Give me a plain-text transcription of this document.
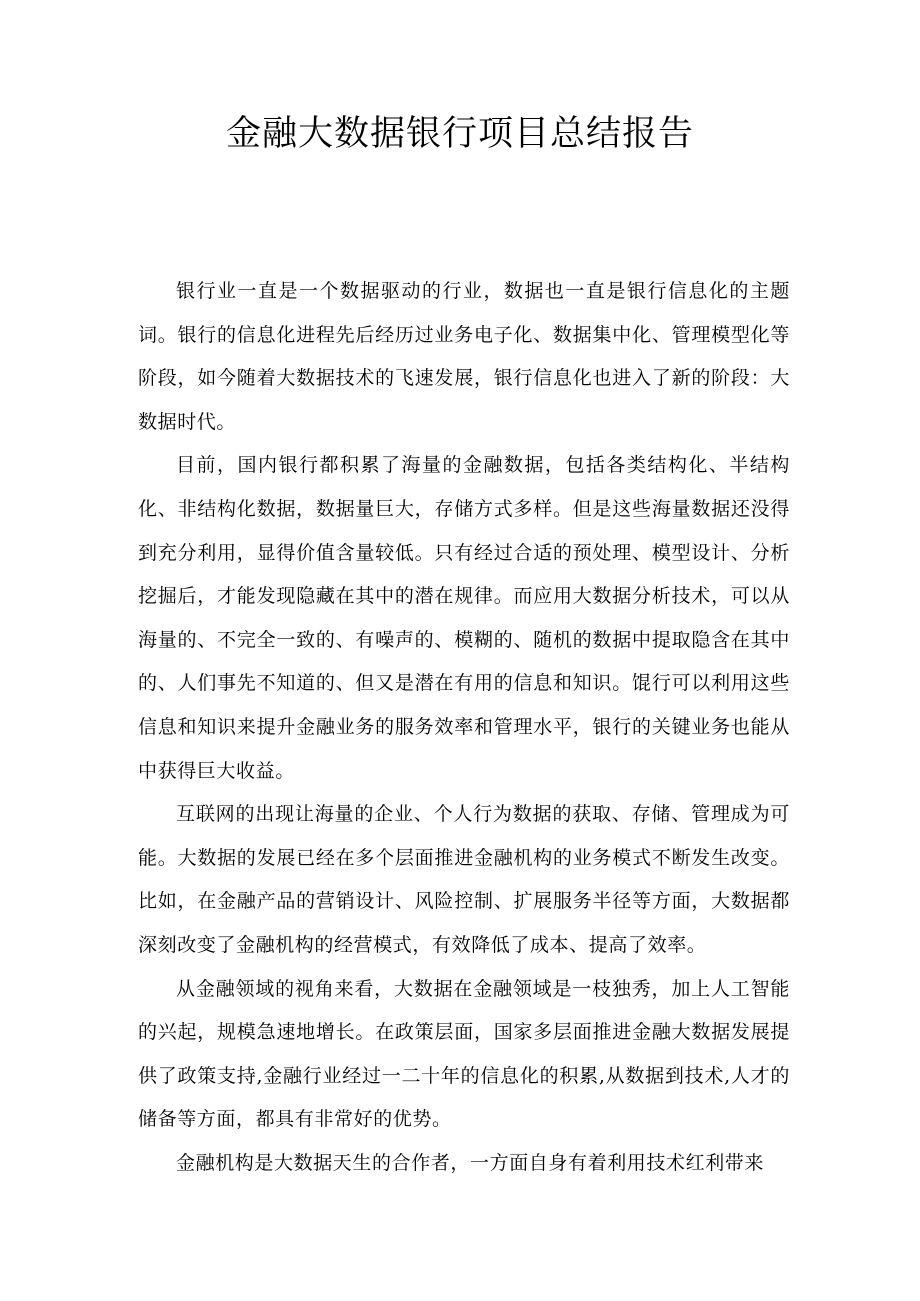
金融大数据银行项目总结报告

银行业一直是一个数据驱动的行业，数据也一直是银行信息化的主题词。银行的信息化进程先后经历过业务电子化、数据集中化、管理模型化等阶段，如今随着大数据技术的飞速发展，银行信息化也进入了新的阶段：大数据时代。

目前，国内银行都积累了海量的金融数据，包括各类结构化、半结构化、非结构化数据，数据量巨大，存储方式多样。但是这些海量数据还没得到充分利用，显得价值含量较低。只有经过合适的预处理、模型设计、分析挖掘后，才能发现隐藏在其中的潜在规律。而应用大数据分析技术，可以从海量的、不完全一致的、有噪声的、模糊的、随机的数据中提取隐含在其中的、人们事先不知道的、但又是潜在有用的信息和知识。馄行可以利用这些信息和知识来提升金融业务的服务效率和管理水平，银行的关键业务也能从中获得巨大收益。

互联网的出现让海量的企业、个人行为数据的获取、存储、管理成为可能。大数据的发展已经在多个层面推进金融机构的业务模式不断发生改变。比如，在金融产品的营销设计、风险控制、扩展服务半径等方面，大数据都深刻改变了金融机构的经营模式，有效降低了成本、提高了效率。

从金融领域的视角来看，大数据在金融领域是一枝独秀，加上人工智能的兴起，规模急速地增长。在政策层面，国家多层面推进金融大数据发展提供了政策支持,金融行业经过一二十年的信息化的积累,从数据到技术,人才的储备等方面，都具有非常好的优势。

金融机构是大数据天生的合作者，一方面自身有着利用技术红利带来
